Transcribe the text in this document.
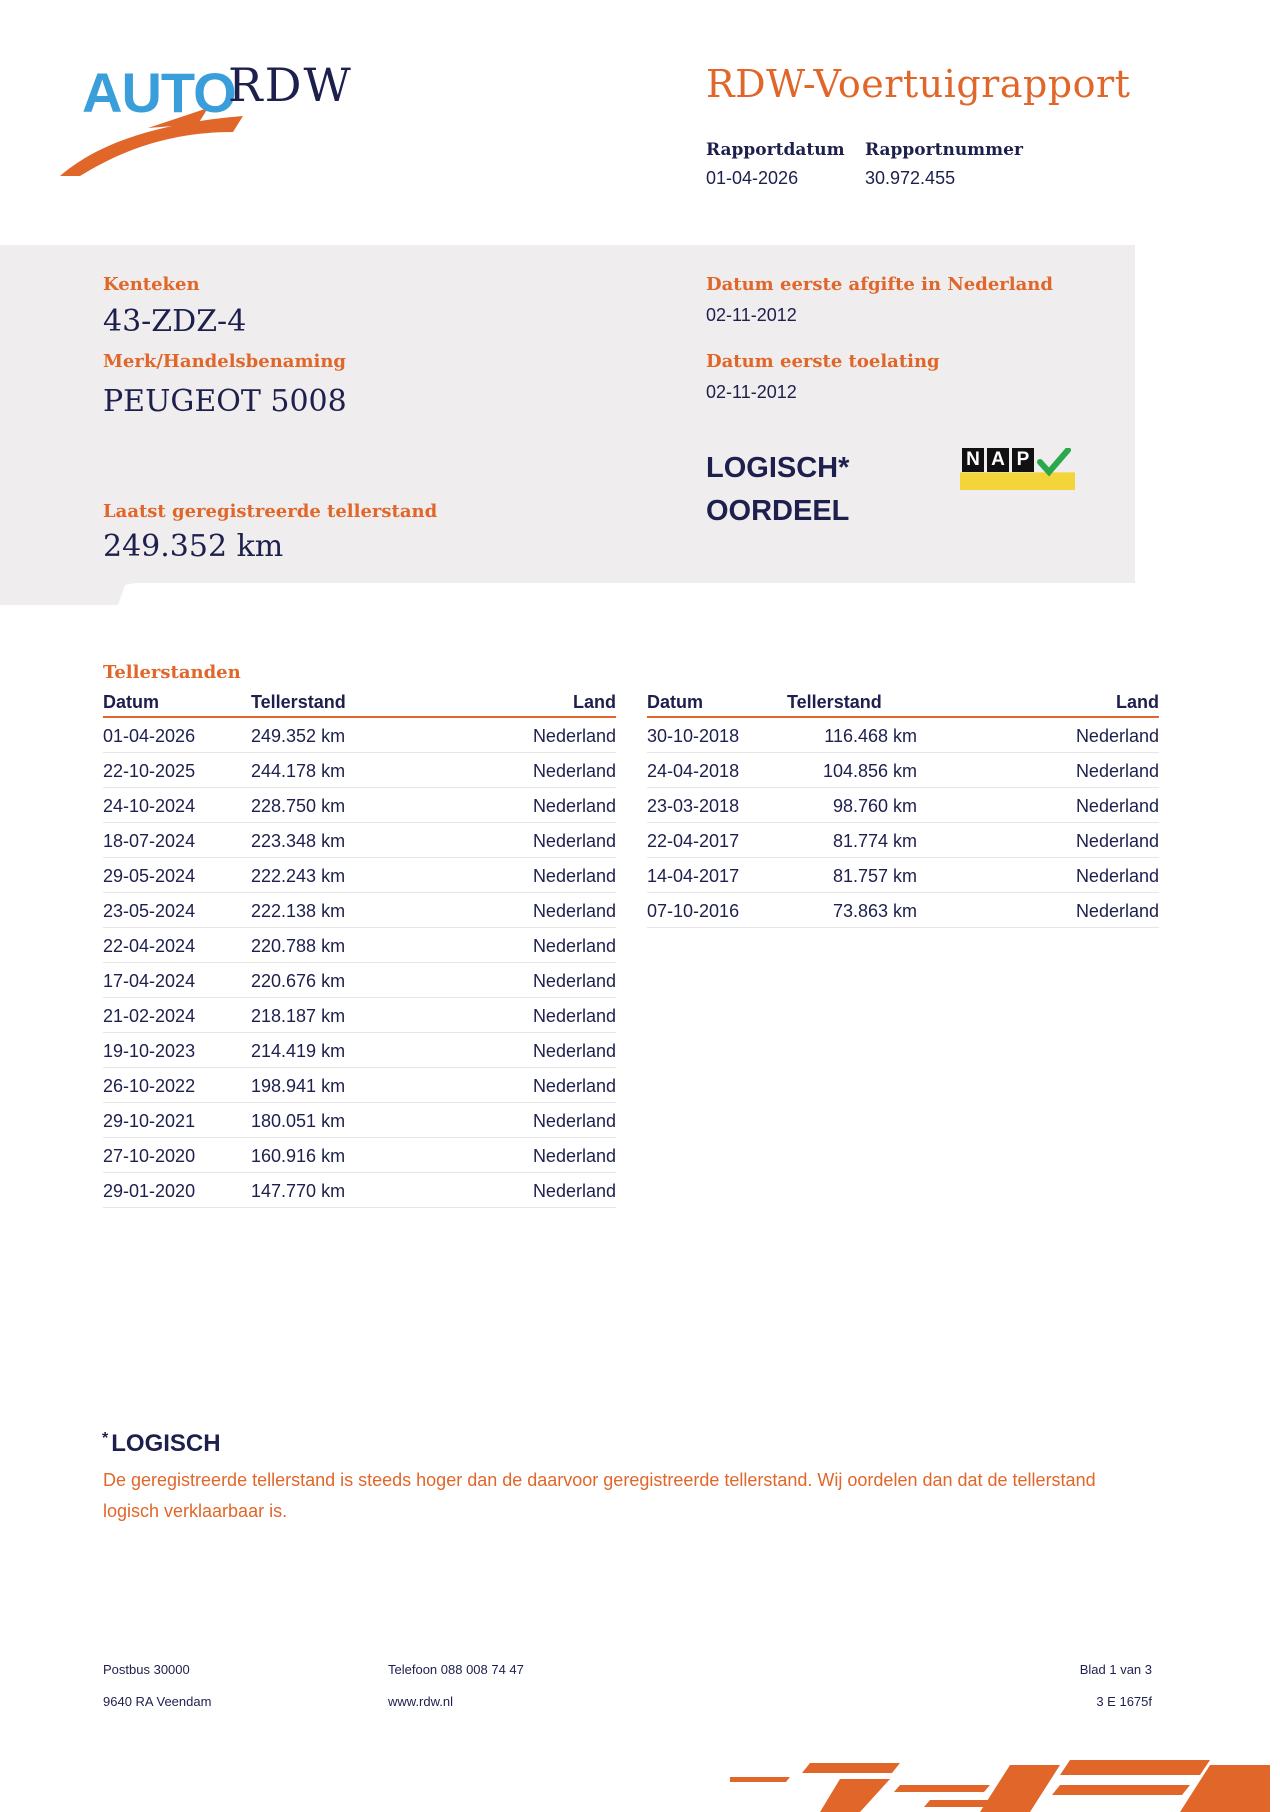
AUTO
RDW	RDW-Voertuigrapport
Rapportdatum
01-04-2026
Rapportnummer
30.972.455
Kenteken
43-ZDZ-4
Merk/Handelsbenaming
PEUGEOT 5008
Laatst geregistreerde tellerstand
249.352 km
Datum eerste afgifte in Nederland
02-11-2012
Datum eerste toelating
02-11-2012
LOGISCH*
OORDEEL
N A P
Tellerstanden
Datum	Tellerstand	Land
01-04-2026	249.352 km	Nederland
22-10-2025	244.178 km	Nederland
24-10-2024	228.750 km	Nederland
18-07-2024	223.348 km	Nederland
29-05-2024	222.243 km	Nederland
23-05-2024	222.138 km	Nederland
22-04-2024	220.788 km	Nederland
17-04-2024	220.676 km	Nederland
21-02-2024	218.187 km	Nederland
19-10-2023	214.419 km	Nederland
26-10-2022	198.941 km	Nederland
29-10-2021	180.051 km	Nederland
27-10-2020	160.916 km	Nederland
29-01-2020	147.770 km	Nederland
Datum	Tellerstand	Land
30-10-2018	116.468 km	Nederland
24-04-2018	104.856 km	Nederland
23-03-2018	98.760 km	Nederland
22-04-2017	81.774 km	Nederland
14-04-2017	81.757 km	Nederland
07-10-2016	73.863 km	Nederland
* LOGISCH
De geregistreerde tellerstand is steeds hoger dan de daarvoor geregistreerde tellerstand. Wij oordelen dan dat de tellerstand logisch verklaarbaar is.
Postbus 30000
9640 RA Veendam
Telefoon 088 008 74 47
www.rdw.nl
Blad 1 van 3
3 E 1675f
